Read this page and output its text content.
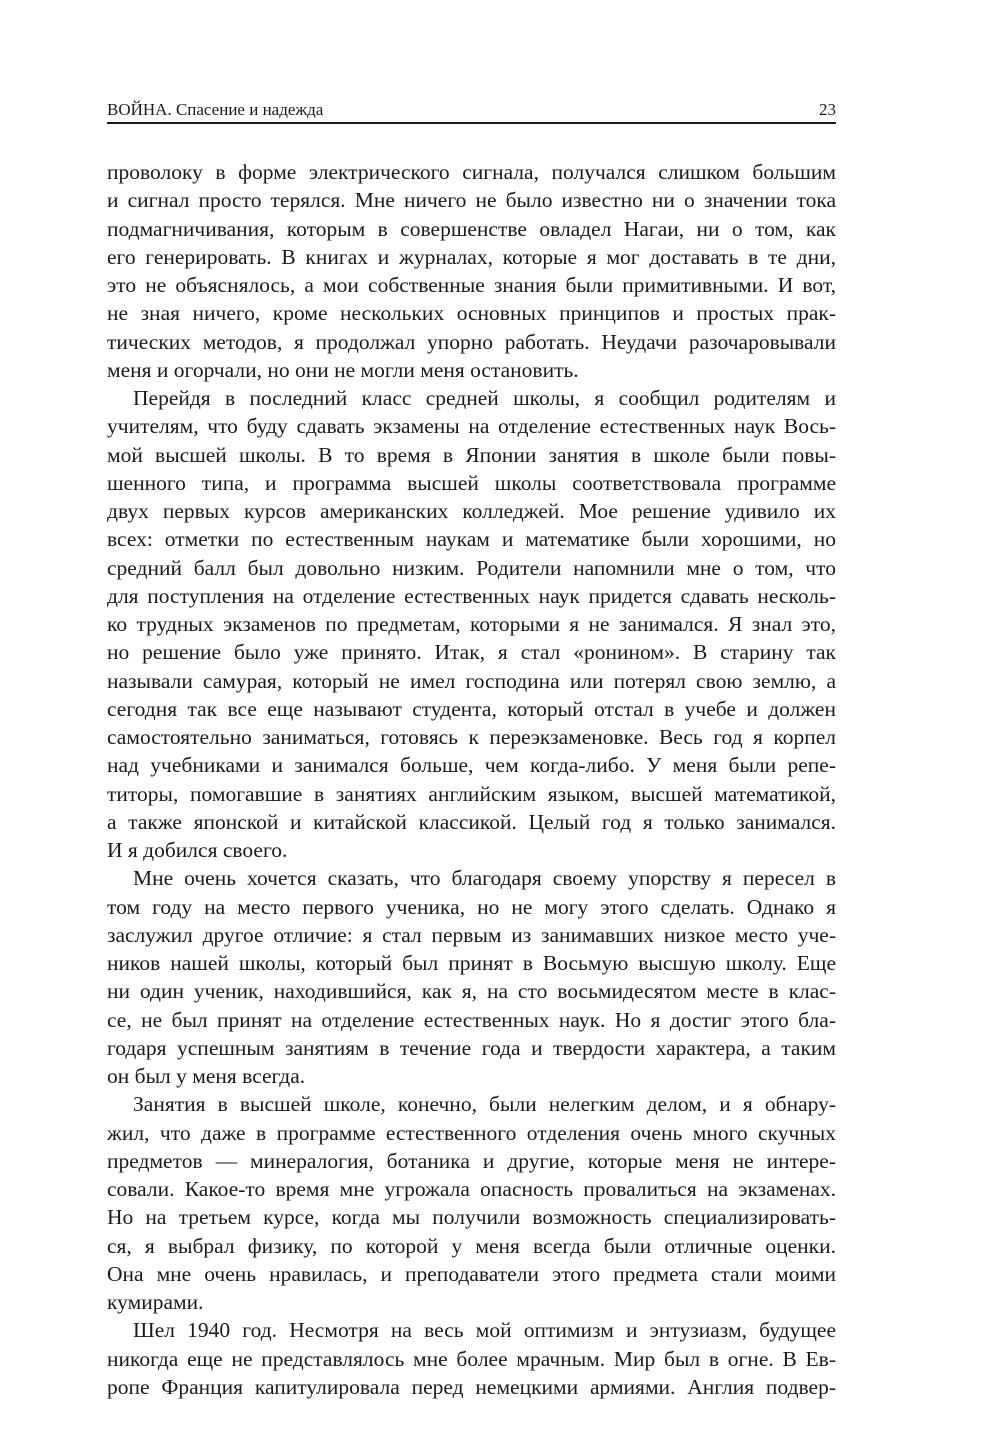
ВОЙНА. Спасение и надежда	23
проволоку в форме электрического сигнала, получался слишком большим
и сигнал просто терялся. Мне ничего не было известно ни о значении тока
подмагничивания, которым в совершенстве овладел Нагаи, ни о том, как
его генерировать. В книгах и журналах, которые я мог доставать в те дни,
это не объяснялось, а мои собственные знания были примитивными. И вот,
не зная ничего, кроме нескольких основных принципов и простых прак-
тических методов, я продолжал упорно работать. Неудачи разочаровывали
меня и огорчали, но они не могли меня остановить.
Перейдя в последний класс средней школы, я сообщил родителям и
учителям, что буду сдавать экзамены на отделение естественных наук Вось-
мой высшей школы. В то время в Японии занятия в школе были повы-
шенного типа, и программа высшей школы соответствовала программе
двух первых курсов американских колледжей. Мое решение удивило их
всех: отметки по естественным наукам и математике были хорошими, но
средний балл был довольно низким. Родители напомнили мне о том, что
для поступления на отделение естественных наук придется сдавать несколь-
ко трудных экзаменов по предметам, которыми я не занимался. Я знал это,
но решение было уже принято. Итак, я стал «ронином». В старину так
называли самурая, который не имел господина или потерял свою землю, а
сегодня так все еще называют студента, который отстал в учебе и должен
самостоятельно заниматься, готовясь к переэкзаменовке. Весь год я корпел
над учебниками и занимался больше, чем когда-либо. У меня были репе-
титоры, помогавшие в занятиях английским языком, высшей математикой,
а также японской и китайской классикой. Целый год я только занимался.
И я добился своего.
Мне очень хочется сказать, что благодаря своему упорству я пересел в
том году на место первого ученика, но не могу этого сделать. Однако я
заслужил другое отличие: я стал первым из занимавших низкое место уче-
ников нашей школы, который был принят в Восьмую высшую школу. Еще
ни один ученик, находившийся, как я, на сто восьмидесятом месте в клас-
се, не был принят на отделение естественных наук. Но я достиг этого бла-
годаря успешным занятиям в течение года и твердости характера, а таким
он был у меня всегда.
Занятия в высшей школе, конечно, были нелегким делом, и я обнару-
жил, что даже в программе естественного отделения очень много скучных
предметов — минералогия, ботаника и другие, которые меня не интере-
совали. Какое-то время мне угрожала опасность провалиться на экзаменах.
Но на третьем курсе, когда мы получили возможность специализировать-
ся, я выбрал физику, по которой у меня всегда были отличные оценки.
Она мне очень нравилась, и преподаватели этого предмета стали моими
кумирами.
Шел 1940 год. Несмотря на весь мой оптимизм и энтузиазм, будущее
никогда еще не представлялось мне более мрачным. Мир был в огне. В Ев-
ропе Франция капитулировала перед немецкими армиями. Англия подвер-
